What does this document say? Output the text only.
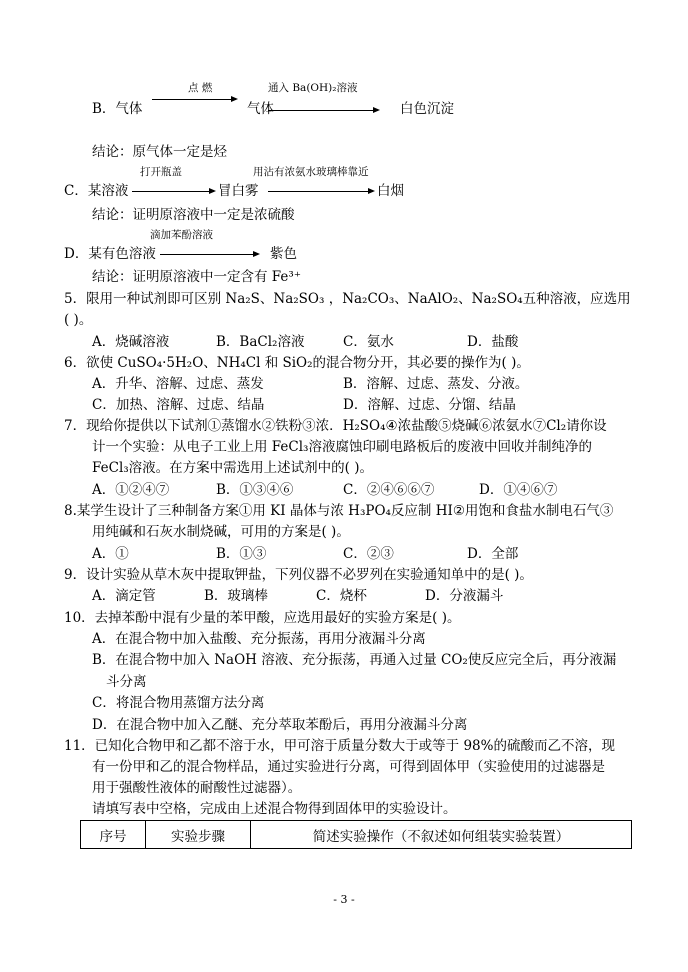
点 燃	通入 Ba(OH)₂溶液
B．气体	气体	白色沉淀
结论：原气体一定是烃
打开瓶盖	用沾有浓氨水玻璃棒靠近
C．某溶液	冒白雾	白烟
结论：证明原溶液中一定是浓硫酸
滴加苯酚溶液
D．某有色溶液	紫色
结论：证明原溶液中一定含有 Fe³⁺
5．限用一种试剂即可区别 Na₂S、Na₂SO₃ ，Na₂CO₃、NaAlO₂、Na₂SO₄五种溶液，应选用
( )。
A．烧碱溶液	B．BaCl₂溶液	C．氨水	D．盐酸
6．欲使 CuSO₄·5H₂O、NH₄Cl 和 SiO₂的混合物分开，其必要的操作为( )。
A．升华、溶解、过虑、蒸发	B．溶解、过虑、蒸发、分液。
C．加热、溶解、过虑、结晶	D．溶解、过虑、分馏、结晶
7．现给你提供以下试剂①蒸馏水②铁粉③浓．H₂SO₄④浓盐酸⑤烧碱⑥浓氨水⑦Cl₂请你设
计一个实验：从电子工业上用 FeCl₃溶液腐蚀印刷电路板后的废液中回收并制纯净的
FeCl₃溶液。在方案中需选用上述试剂中的( )。
A．①②④⑦	B．①③④⑥	C．②④⑥⑥⑦	D．①④⑥⑦
8.某学生设计了三种制备方案①用 KI 晶体与浓 H₃PO₄反应制 HI②用饱和食盐水制电石气③
用纯碱和石灰水制烧碱，可用的方案是( )。
A．①	B．①③	C．②③	D．全部
9．设计实验从草木灰中提取钾盐，下列仪器不必罗列在实验通知单中的是( )。
A．滴定管	B．玻璃棒	C．烧杯	D．分液漏斗
10．去掉苯酚中混有少量的苯甲酸，应选用最好的实验方案是( )。
A．在混合物中加入盐酸、充分振荡，再用分液漏斗分离
B．在混合物中加入 NaOH 溶液、充分振荡，再通入过量 CO₂使反应完全后，再分液漏
斗分离
C．将混合物用蒸馏方法分离
D．在混合物中加入乙醚、充分萃取苯酚后，再用分液漏斗分离
11．已知化合物甲和乙都不溶于水，甲可溶于质量分数大于或等于 98%的硫酸而乙不溶，现
有一份甲和乙的混合物样品，通过实验进行分离，可得到固体甲（实验使用的过滤器是
用于强酸性液体的耐酸性过滤器）。
请填写表中空格，完成由上述混合物得到固体甲的实验设计。
序号	实验步骤	简述实验操作（不叙述如何组装实验装置）
- 3 -
